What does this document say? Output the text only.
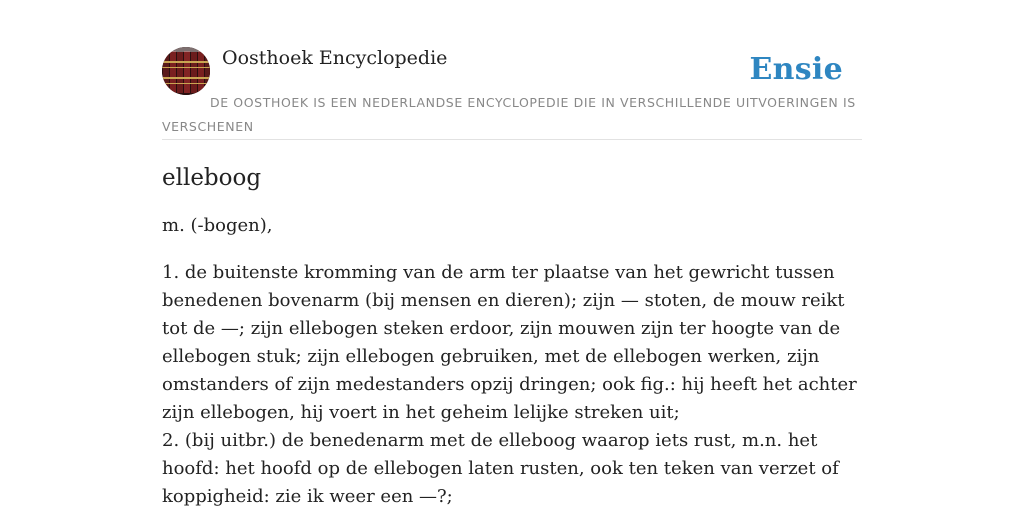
Oosthoek Encyclopedie	Ensie

DE OOSTHOEK IS EEN NEDERLANDSE ENCYCLOPEDIE DIE IN VERSCHILLENDE UITVOERINGEN IS VERSCHENEN

elleboog

m. (-bogen),

1. de buitenste kromming van de arm ter plaatse van het gewricht tussen benedenen bovenarm (bij mensen en dieren); zijn — stoten, de mouw reikt tot de —; zijn ellebogen steken erdoor, zijn mouwen zijn ter hoogte van de ellebogen stuk; zijn ellebogen gebruiken, met de ellebogen werken, zijn omstanders of zijn medestanders opzij dringen; ook fig.: hij heeft het achter zijn ellebogen, hij voert in het geheim lelijke streken uit;
2. (bij uitbr.) de benedenarm met de elleboog waarop iets rust, m.n. het hoofd: het hoofd op de ellebogen laten rusten, ook ten teken van verzet of koppigheid: zie ik weer een —?;
